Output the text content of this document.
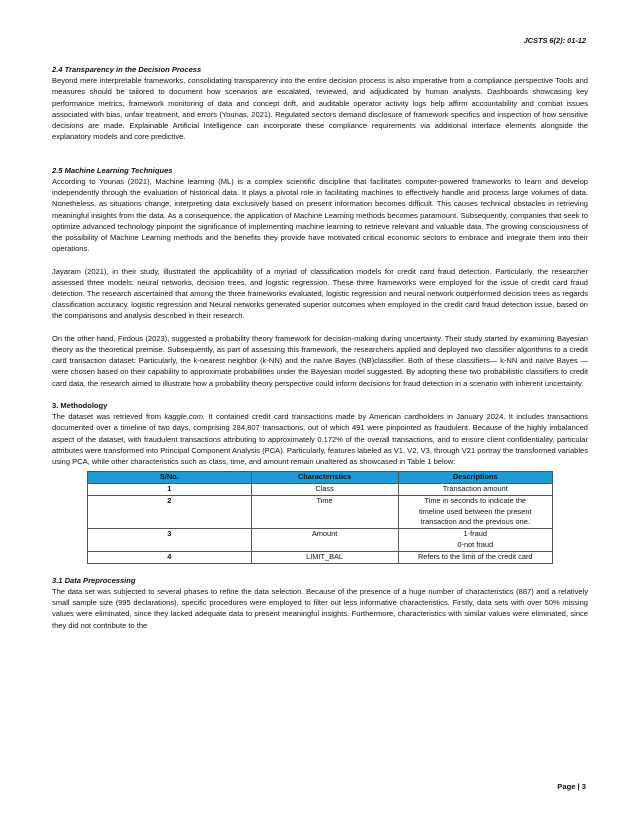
JCSTS 6(2): 01-12

2.4 Transparency in the Decision Process

Beyond mere interpretable frameworks, consolidating transparency into the entire decision process is also imperative from a compliance perspective Tools and measures should be tailored to document how scenarios are escalated, reviewed, and adjudicated by human analysts. Dashboards showcasing key performance metrics, framework monitoring of data and concept drift, and auditable operator activity logs help affirm accountability and combat issues associated with bias, unfair treatment, and errors (Younas, 2021). Regulated sectors demand disclosure of framework specifics and inspection of how sensitive decisions are made. Explainable Artificial Intelligence can incorporate these compliance requirements via additional interface elements alongside the explanatory models and core predictive.

2.5 Machine Learning Techniques

According to Younas (2021), Machine learning (ML) is a complex scientific discipline that facilitates computer-powered frameworks to learn and develop independently through the evaluation of historical data. It plays a pivotal role in facilitating machines to effectively handle and process large volumes of data. Nonetheless, as situations change, interpreting data exclusively based on present information becomes difficult. This causes technical obstacles in retrieving meaningful insights from the data. As a consequence, the application of Machine Learning methods becomes paramount. Subsequently, companies that seek to optimize advanced technology pinpoint the significance of implementing machine learning to retrieve relevant and valuable data. The growing consciousness of the possibility of Machine Learning methods and the benefits they provide have motivated critical economic sectors to embrace and integrate them into their operations.

Jayaram (2021), in their study, illustrated the applicability of a myriad of classification models for credit card fraud detection. Particularly, the researcher assessed three models: neural networks, decision trees, and logistic regression. These three frameworks were employed for the issue of credit card fraud detection. The research ascertained that among the three frameworks evaluated, logistic regression and neural network outperformed decision trees as regards classification accuracy. logistic regression and Neural networks generated superior outcomes when employed in the credit card fraud detection issue, based on the comparisons and analysis described in their research.

On the other hand, Firdous (2023), suggested a probability theory framework for decision-making during uncertainty. Their study started by examining Bayesian theory as the theoretical premise. Subsequently, as part of assessing this framework, the researchers applied and deployed two classifier algorithms to a credit card transaction dataset: Particularly, the k-nearest neighbor (k-NN) and the naïve Bayes (NB)classifier. Both of these classifiers— k-NN and naïve Bayes —were chosen based on their capability to approximate probabilities under the Bayesian model suggested. By adopting these two probabilistic classifiers to credit card data, the research aimed to illustrate how a probability theory perspective could inform decisions for fraud detection in a scenario with inherent uncertainty.

3. Methodology

The dataset was retrieved from kaggle.com. It contained credit card transactions made by American cardholders in January 2024. It includes transactions documented over a timeline of two days, comprising 284,807 transactions, out of which 491 were pinpointed as fraudulent. Because of the highly imbalanced aspect of the dataset, with fraudulent transactions attributing to approximately 0.172% of the overall transactions, and to ensure client confidentiality, particular attributes were transformed into Principal Component Analysis (PCA). Particularly, features labeled as V1, V2, V3, through V21 portray the transformed variables using PCA, while other characteristics such as class, time, and amount remain unaltered as showcased in Table 1 below:

S/No.	Characteristics	Descriptions
1	Class	Transaction amount

2	Time	Time in seconds to indicate the
timeline used between the present
transaction and the previous one.

3	Amount	1-fraud
0-not fraud

4	LIMIT_BAL	Refers to the limit of the credit card

3.1 Data Preprocessing

The data set was subjected to several phases to refine the data selection. Because of the presence of a huge number of characteristics (887) and a relatively small sample size (995 declarations), specific procedures were employed to filter out less informative characteristics. Firstly, data sets with over 50% missing values were eliminated, since they lacked adequate data to present meaningful insights. Furthermore, characteristics with similar values were eliminated, since they did not contribute to the

Page | 3
